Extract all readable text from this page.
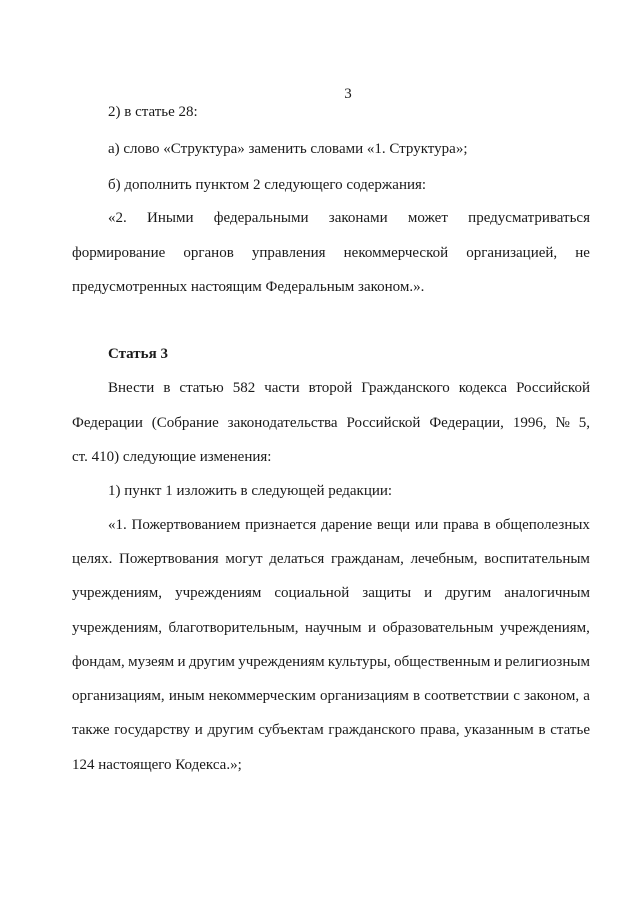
3
2) в статье 28:
а) слово «Структура» заменить словами «1. Структура»;
б) дополнить пунктом 2 следующего содержания:
«2. Иными федеральными законами может предусматриваться
формирование органов управления некоммерческой организацией, не
предусмотренных настоящим Федеральным законом.».
Статья 3
Внести в статью 582 части второй Гражданского кодекса Российской
Федерации (Собрание законодательства Российской Федерации, 1996, № 5,
ст. 410) следующие изменения:
1) пункт 1 изложить в следующей редакции:
«1. Пожертвованием признается дарение вещи или права в общеполезных
целях. Пожертвования могут делаться гражданам, лечебным, воспитательным
учреждениям, учреждениям социальной защиты и другим аналогичным
учреждениям, благотворительным, научным и образовательным учреждениям,
фондам, музеям и другим учреждениям культуры, общественным и религиозным
организациям, иным некоммерческим организациям в соответствии с законом, а
также государству и другим субъектам гражданского права, указанным в статье
124 настоящего Кодекса.»;
